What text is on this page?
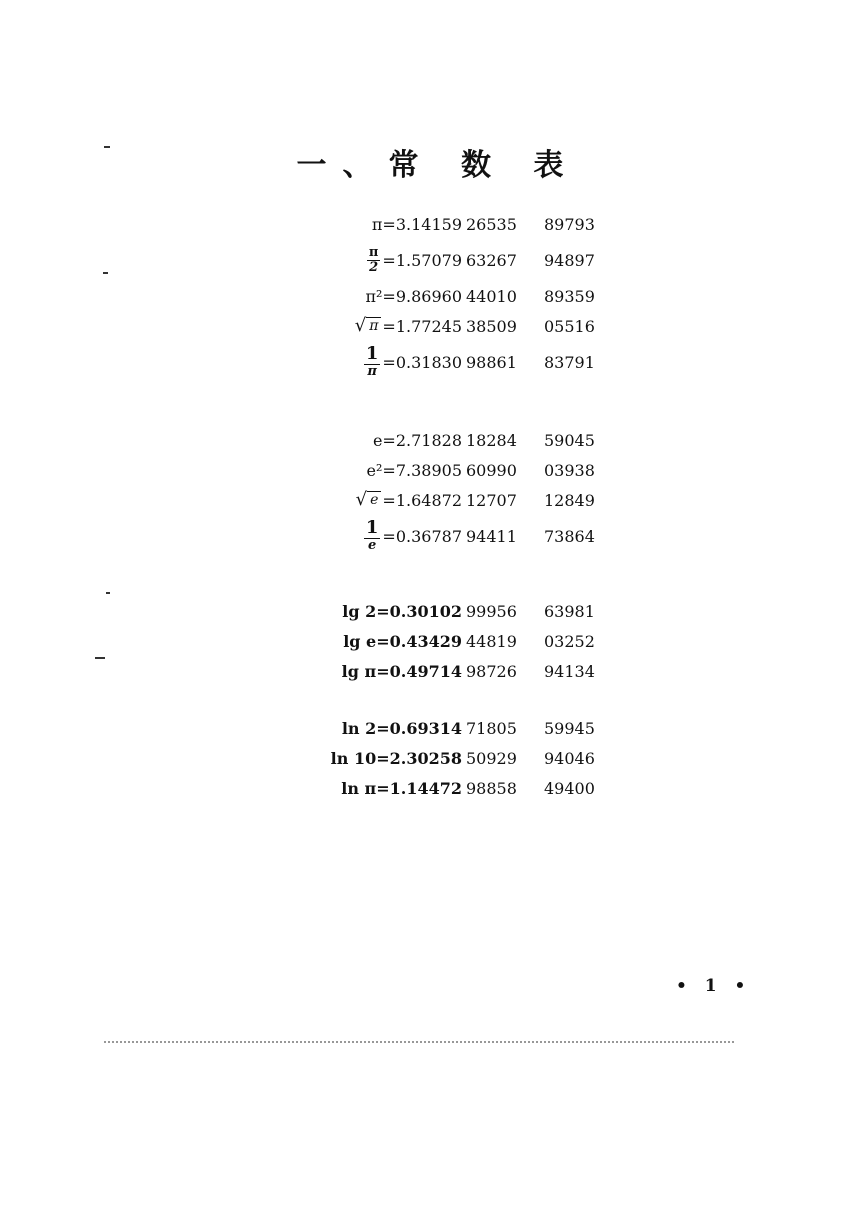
一、常 数 表
π=3.14159 26535	89793
$\frac{\pi}{2} =1.57079$ 63267	94897
π²=9.86960 44010	89359
√ π =1.77245 38509	05516
$\frac{1}{\pi} =0.31830$ 98861	83791
e=2.71828 18284	59045
e²=7.38905 60990	03938
√ e =1.64872 12707	12849
$\frac{1}{e} =0.36787$ 94411	73864
lg 2=0.30102 99956	63981
lg e=0.43429 44819	03252
lg π=0.49714 98726	94134
ln 2=0.69314 71805	59945
ln 10=2.30258 50929	94046
ln π=1.14472 98858	49400
• 1 •
